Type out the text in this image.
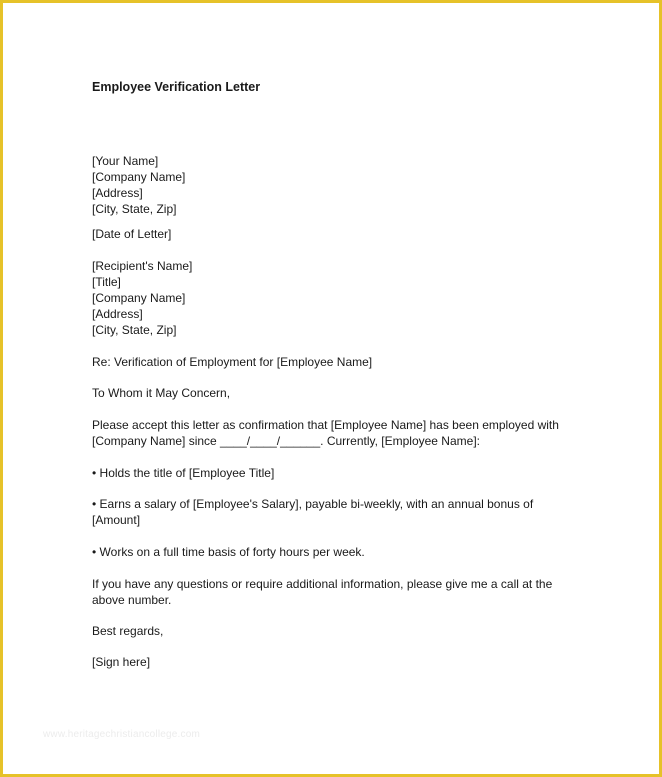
Employee Verification Letter
[Your Name]
[Company Name]
[Address]
[City, State, Zip]
[Date of Letter]
[Recipient's Name]
[Title]
[Company Name]
[Address]
[City, State, Zip]
Re: Verification of Employment for [Employee Name]
To Whom it May Concern,
Please accept this letter as confirmation that [Employee Name] has been employed with
[Company Name] since ____/____/______. Currently, [Employee Name]:
• Holds the title of [Employee Title]
• Earns a salary of [Employee's Salary], payable bi-weekly, with an annual bonus of
[Amount]
• Works on a full time basis of forty hours per week.
If you have any questions or require additional information, please give me a call at the
above number.
Best regards,
[Sign here]
www.heritagechristiancollege.com
